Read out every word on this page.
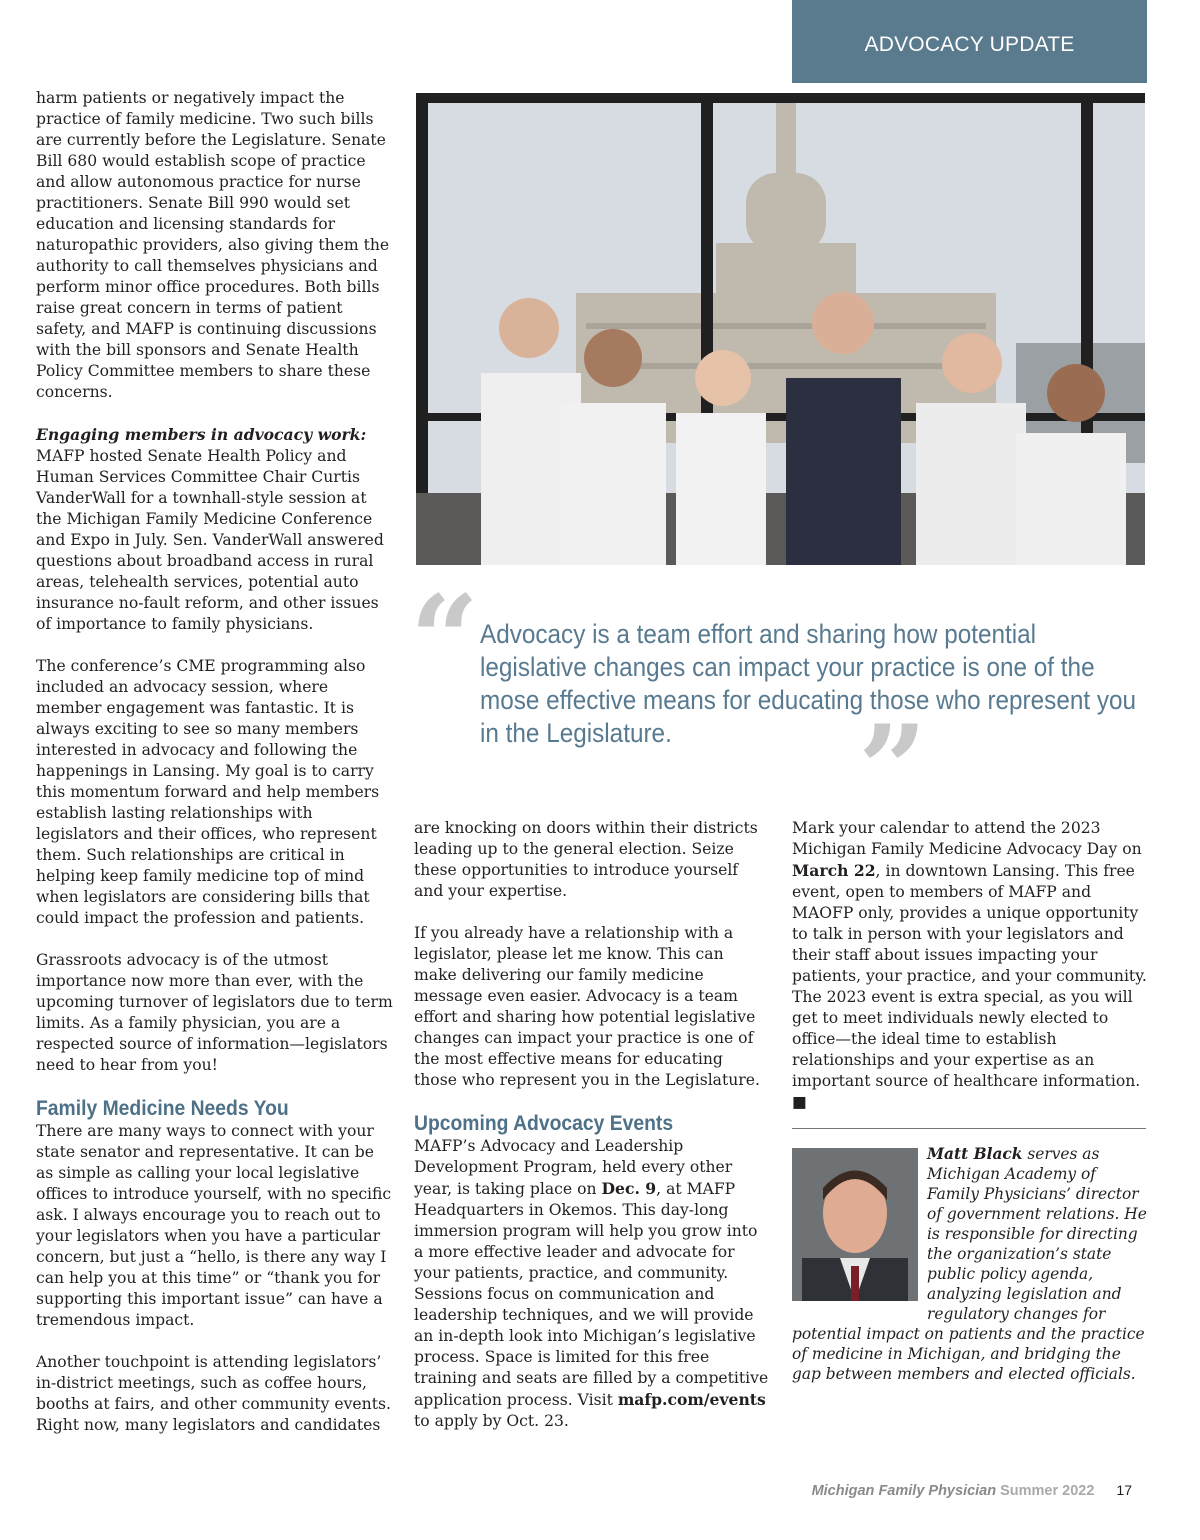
ADVOCACY UPDATE

harm patients or negatively impact the practice of family medicine. Two such bills are currently before the Legislature. Senate Bill 680 would establish scope of practice and allow autonomous practice for nurse practitioners. Senate Bill 990 would set education and licensing standards for naturopathic providers, also giving them the authority to call themselves physicians and perform minor office procedures. Both bills raise great concern in terms of patient safety, and MAFP is continuing discussions with the bill sponsors and Senate Health Policy Committee members to share these concerns.

Engaging members in advocacy work: MAFP hosted Senate Health Policy and Human Services Committee Chair Curtis VanderWall for a townhall-style session at the Michigan Family Medicine Conference and Expo in July. Sen. VanderWall answered questions about broadband access in rural areas, telehealth services, potential auto insurance no-fault reform, and other issues of importance to family physicians.

The conference’s CME programming also included an advocacy session, where member engagement was fantastic. It is always exciting to see so many members interested in advocacy and following the happenings in Lansing. My goal is to carry this momentum forward and help members establish lasting relationships with legislators and their offices, who represent them. Such relationships are critical in helping keep family medicine top of mind when legislators are considering bills that could impact the profession and patients.

Grassroots advocacy is of the utmost importance now more than ever, with the upcoming turnover of legislators due to term limits. As a family physician, you are a respected source of information—legislators need to hear from you!

Family Medicine Needs You

There are many ways to connect with your state senator and representative. It can be as simple as calling your local legislative offices to introduce yourself, with no specific ask. I always encourage you to reach out to your legislators when you have a particular concern, but just a “hello, is there any way I can help you at this time” or “thank you for supporting this important issue” can have a tremendous impact.

Another touchpoint is attending legislators’ in-district meetings, such as coffee hours, booths at fairs, and other community events. Right now, many legislators and candidates

“ Advocacy is a team effort and sharing how potential legislative changes can impact your practice is one of the mose effective means for educating those who represent you in the Legislature.	”

are knocking on doors within their districts leading up to the general election. Seize these opportunities to introduce yourself and your expertise.

If you already have a relationship with a legislator, please let me know. This can make delivering our family medicine message even easier. Advocacy is a team effort and sharing how potential legislative changes can impact your practice is one of the most effective means for educating those who represent you in the Legislature.

Upcoming Advocacy Events

MAFP’s Advocacy and Leadership Development Program, held every other year, is taking place on Dec. 9, at MAFP Headquarters in Okemos. This day-long immersion program will help you grow into a more effective leader and advocate for your patients, practice, and community. Sessions focus on communication and leadership techniques, and we will provide an in-depth look into Michigan’s legislative process. Space is limited for this free training and seats are filled by a competitive application process. Visit mafp.com/events to apply by Oct. 23.

Mark your calendar to attend the 2023 Michigan Family Medicine Advocacy Day on March 22, in downtown Lansing. This free event, open to members of MAFP and MAOFP only, provides a unique opportunity to talk in person with your legislators and their staff about issues impacting your patients, your practice, and your community. The 2023 event is extra special, as you will get to meet individuals newly elected to office—the ideal time to establish relationships and your expertise as an important source of healthcare information. ■

Matt Black serves as Michigan Academy of Family Physicians’ director of government relations. He is responsible for directing the organization’s state public policy agenda, analyzing legislation and regulatory changes for potential impact on patients and the practice of medicine in Michigan, and bridging the gap between members and elected officials.
Michigan Family Physician Summer 2022 17
